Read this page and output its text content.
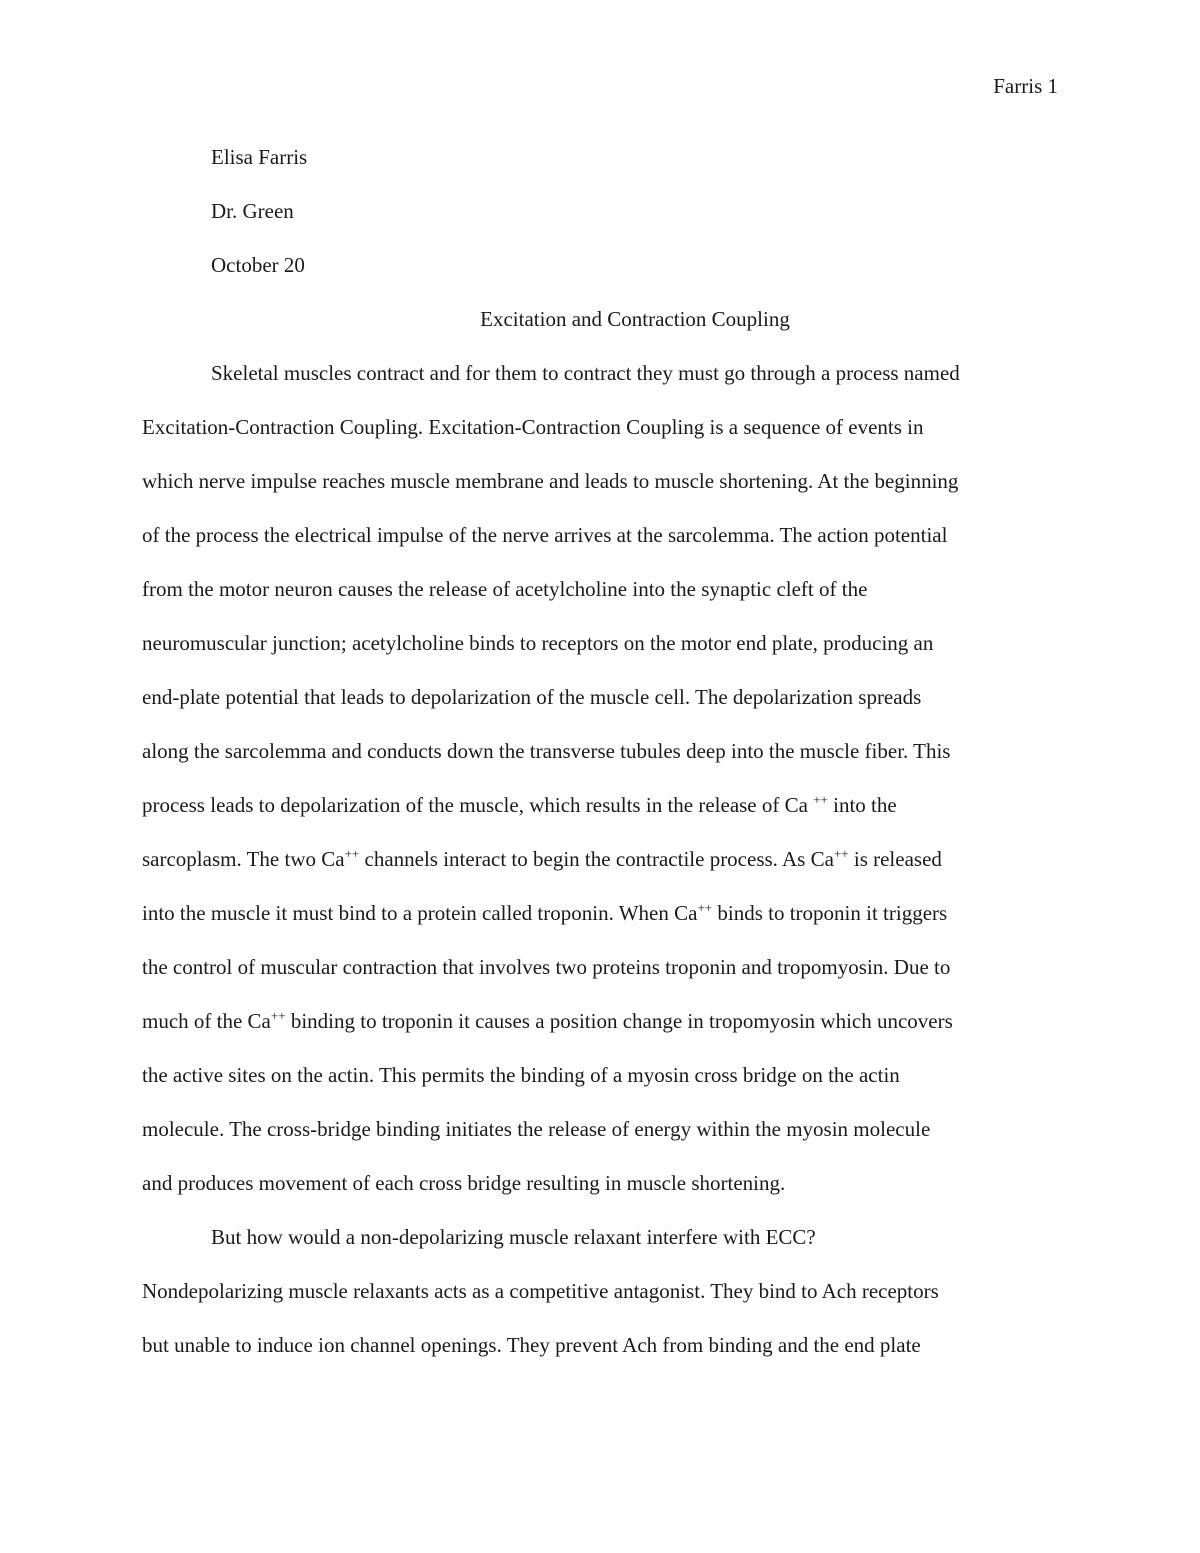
Farris 1
Elisa Farris
Dr. Green
October 20
Excitation and Contraction Coupling
Skeletal muscles contract and for them to contract they must go through a process named
Excitation-Contraction Coupling. Excitation-Contraction Coupling is a sequence of events in
which nerve impulse reaches muscle membrane and leads to muscle shortening. At the beginning
of the process the electrical impulse of the nerve arrives at the sarcolemma. The action potential
from the motor neuron causes the release of acetylcholine into the synaptic cleft of the
neuromuscular junction; acetylcholine binds to receptors on the motor end plate, producing an
end-plate potential that leads to depolarization of the muscle cell. The depolarization spreads
along the sarcolemma and conducts down the transverse tubules deep into the muscle fiber. This
process leads to depolarization of the muscle, which results in the release of Ca ++ into the
sarcoplasm. The two Ca++ channels interact to begin the contractile process. As Ca++ is released
into the muscle it must bind to a protein called troponin. When Ca++ binds to troponin it triggers
the control of muscular contraction that involves two proteins troponin and tropomyosin. Due to
much of the Ca++ binding to troponin it causes a position change in tropomyosin which uncovers
the active sites on the actin. This permits the binding of a myosin cross bridge on the actin
molecule. The cross-bridge binding initiates the release of energy within the myosin molecule
and produces movement of each cross bridge resulting in muscle shortening.
But how would a non-depolarizing muscle relaxant interfere with ECC?
Nondepolarizing muscle relaxants acts as a competitive antagonist. They bind to Ach receptors
but unable to induce ion channel openings. They prevent Ach from binding and the end plate
